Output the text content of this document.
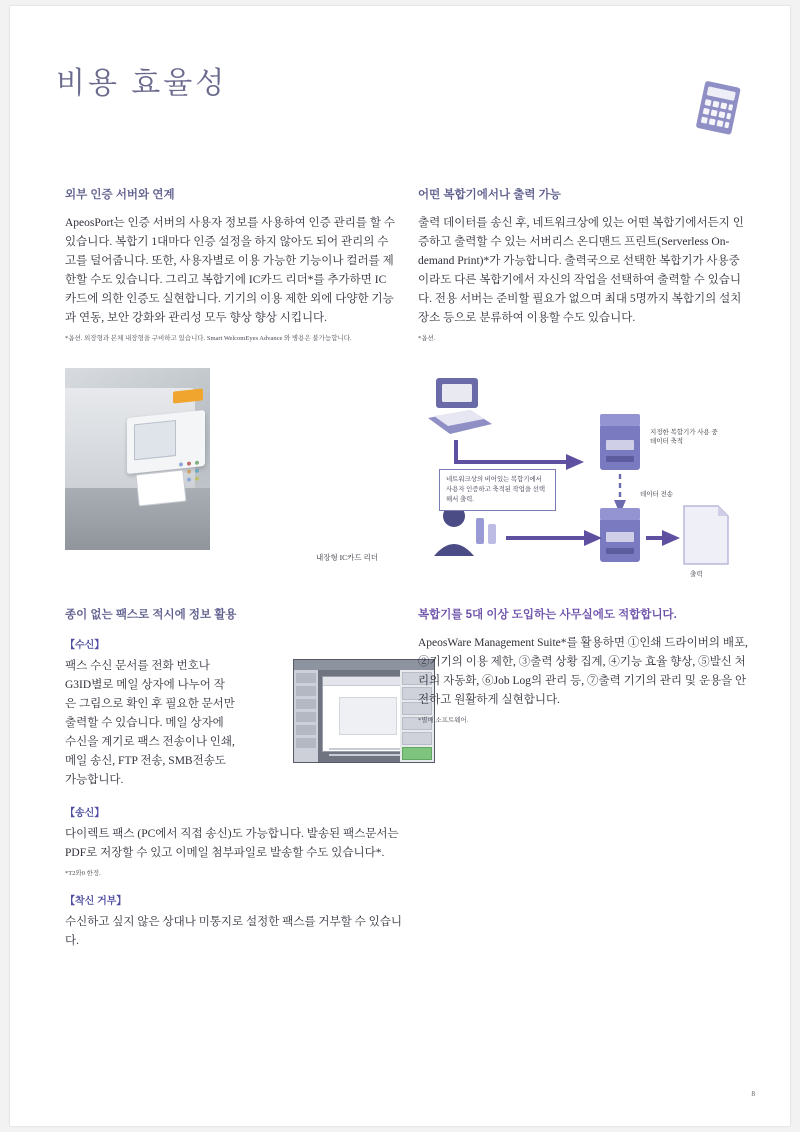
비용 효율성
외부 인증 서버와 연계

ApeosPort는 인증 서버의 사용자 정보를 사용하여 인증 관리를 할 수 있습니다. 복합기 1대마다 인증 설정을 하지 않아도 되어 관리의 수고를 덜어줍니다. 또한, 사용자별로 이용 가능한 기능이나 컬러를 제한할 수도 있습니다. 그리고 복합기에 IC카드 리더*를 추가하면 IC카드에 의한 인증도 실현합니다. 기기의 이용 제한 외에 다양한 기능과 연동, 보안 강화와 관리성 모두 향상 향상 시킵니다.

*옵션. 외장형과 본체 내장형을 구비하고 있습니다. Smart WelcomEyes Advance 와 병용은 불가능합니다.
내장형 IC카드 리더
어떤 복합기에서나 출력 가능

출력 데이터를 송신 후, 네트워크상에 있는 어떤 복합기에서든지 인증하고 출력할 수 있는 서버리스 온디맨드 프린트(Serverless On-demand Print)*가 가능합니다. 출력국으로 선택한 복합기가 사용중이라도 다른 복합기에서 자신의 작업을 선택하여 출력할 수 있습니다. 전용 서버는 준비할 필요가 없으며 최대 5명까지 복합기의 설치 장소 등으로 분류하여 이용할 수도 있습니다.

*옵션.
네트워크상의 비어있는 복합기에서 사용자 인증하고 축적된 작업을 선택해서 출력.
지정한 복합기가 사용 중 데이터 축적
데이터 전송
출력
종이 없는 팩스로 적시에 정보 활용
【수신】

팩스 수신 문서를 전화 번호나 G3ID별로 메일 상자에 나누어 작은 그림으로 확인 후 필요한 문서만 출력할 수 있습니다. 메일 상자에 수신을 계기로 팩스 전송이나 인쇄, 메일 송신, FTP 전송, SMB전송도 가능합니다.

【송신】

다이렉트 팩스 (PC에서 직접 송신)도 가능합니다. 발송된 팩스문서는 PDF로 저장할 수 있고 이메일 첨부파일로 발송할 수도 있습니다*.

*T2와0 한정.
【착신 거부】

수신하고 싶지 않은 상대나 미통지로 설정한 팩스를 거부할 수 있습니다.

복합기를 5대 이상 도입하는 사무실에도 적합합니다.

ApeosWare Management Suite*를 활용하면 ①인쇄 드라이버의 배포, ②기기의 이용 제한, ③출력 상황 집계, ④기능 효율 향상, ⑤발신 처리의 자동화, ⑥Job Log의 관리 등, ⑦출력 기기의 관리 및 운용을 안전하고 원활하게 실현합니다.

*별매 소프트웨어.
8
